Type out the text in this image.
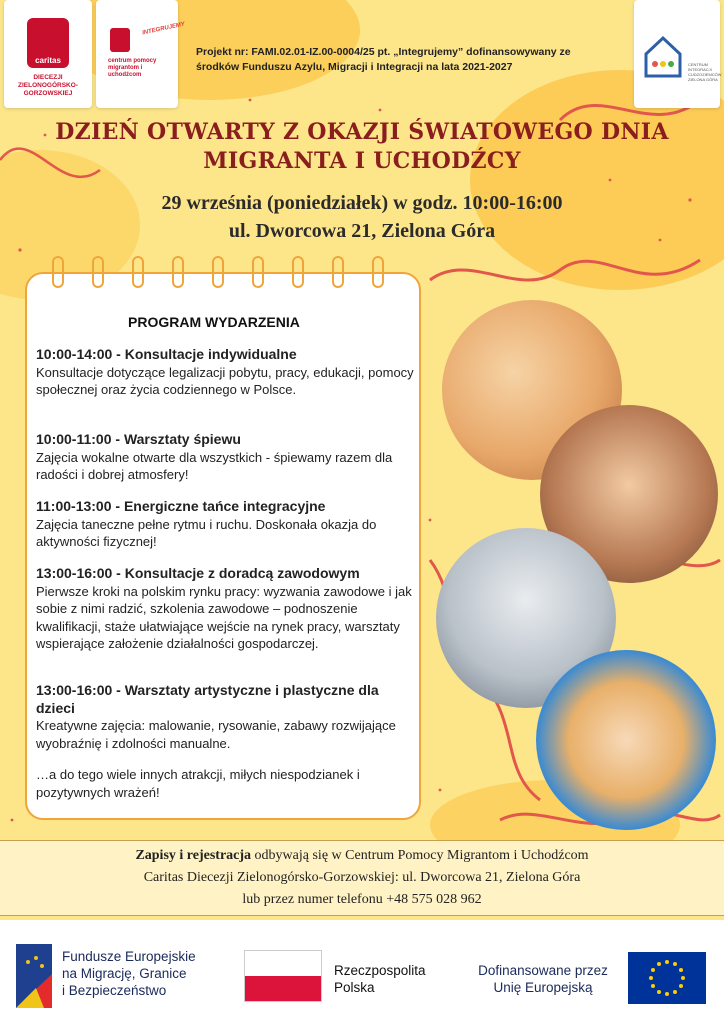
caritas
DIECEZJI ZIELONOGÓRSKO-GORZOWSKIEJ
INTEGRUJEMY
centrum pomocy migrantom i uchodźcom
CENTRUM INTEGRACJI CUDZOZIEMCÓW ZIELONA GÓRA
Projekt nr: FAMI.02.01-IZ.00-0004/25 pt. „Integrujemy” dofinansowywany ze środków Funduszu Azylu, Migracji i Integracji na lata 2021-2027
DZIEŃ OTWARTY Z OKAZJI ŚWIATOWEGO DNIA
MIGRANTA I UCHODŹCY
29 września (poniedziałek) w godz. 10:00-16:00
ul. Dworcowa 21, Zielona Góra
PROGRAM WYDARZENIA
10:00-14:00 - Konsultacje indywidualne
Konsultacje dotyczące legalizacji pobytu, pracy, edukacji, pomocy społecznej oraz życia codziennego w Polsce.
10:00-11:00 - Warsztaty śpiewu
Zajęcia wokalne otwarte dla wszystkich - śpiewamy razem dla radości i dobrej atmosfery!
11:00-13:00 - Energiczne tańce integracyjne
Zajęcia taneczne pełne rytmu i ruchu. Doskonała okazja do aktywności fizycznej!
13:00-16:00 - Konsultacje z doradcą zawodowym
Pierwsze kroki na polskim rynku pracy: wyzwania zawodowe i jak sobie z nimi radzić, szkolenia zawodowe – podnoszenie kwalifikacji, staże ułatwiające wejście na rynek pracy, warsztaty wspierające założenie działalności gospodarczej.
13:00-16:00 - Warsztaty artystyczne i plastyczne dla dzieci
Kreatywne zajęcia: malowanie, rysowanie, zabawy rozwijające wyobraźnię i zdolności manualne.
…a do tego wiele innych atrakcji, miłych niespodzianek i pozytywnych wrażeń!
Zapisy i rejestracja odbywają się w Centrum Pomocy Migrantom i Uchodźcom
Caritas Diecezji Zielonogórsko-Gorzowskiej: ul. Dworcowa 21, Zielona Góra
lub przez numer telefonu +48 575 028 962
Fundusze Europejskie
na Migrację, Granice
i Bezpieczeństwo
Rzeczpospolita
Polska
Dofinansowane przez
Unię Europejską
